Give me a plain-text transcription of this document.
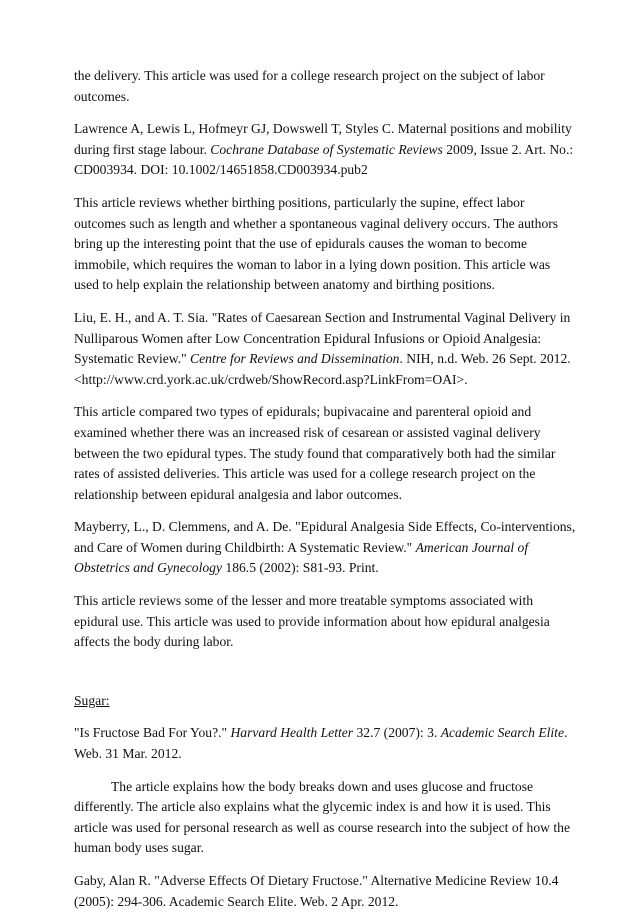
the delivery. This article was used for a college research project on the subject of labor outcomes.

Lawrence A, Lewis L, Hofmeyr GJ, Dowswell T, Styles C. Maternal positions and mobility during first stage labour. Cochrane Database of Systematic Reviews 2009, Issue 2. Art. No.: CD003934. DOI: 10.1002/14651858.CD003934.pub2

This article reviews whether birthing positions, particularly the supine, effect labor outcomes such as length and whether a spontaneous vaginal delivery occurs. The authors bring up the interesting point that the use of epidurals causes the woman to become immobile, which requires the woman to labor in a lying down position. This article was used to help explain the relationship between anatomy and birthing positions.

Liu, E. H., and A. T. Sia. "Rates of Caesarean Section and Instrumental Vaginal Delivery in Nulliparous Women after Low Concentration Epidural Infusions or Opioid Analgesia: Systematic Review." Centre for Reviews and Dissemination. NIH, n.d. Web. 26 Sept. 2012. <http://www.crd.york.ac.uk/crdweb/ShowRecord.asp?LinkFrom=OAI>.

This article compared two types of epidurals; bupivacaine and parenteral opioid and examined whether there was an increased risk of cesarean or assisted vaginal delivery between the two epidural types. The study found that comparatively both had the similar rates of assisted deliveries. This article was used for a college research project on the relationship between epidural analgesia and labor outcomes.

Mayberry, L., D. Clemmens, and A. De. "Epidural Analgesia Side Effects, Co-interventions, and Care of Women during Childbirth: A Systematic Review." American Journal of Obstetrics and Gynecology 186.5 (2002): S81-93. Print.

This article reviews some of the lesser and more treatable symptoms associated with epidural use. This article was used to provide information about how epidural analgesia affects the body during labor.

Sugar:

"Is Fructose Bad For You?." Harvard Health Letter 32.7 (2007): 3. Academic Search Elite. Web. 31 Mar. 2012.

The article explains how the body breaks down and uses glucose and fructose differently. The article also explains what the glycemic index is and how it is used. This article was used for personal research as well as course research into the subject of how the human body uses sugar.

Gaby, Alan R. "Adverse Effects Of Dietary Fructose." Alternative Medicine Review 10.4 (2005): 294-306. Academic Search Elite. Web. 2 Apr. 2012.
